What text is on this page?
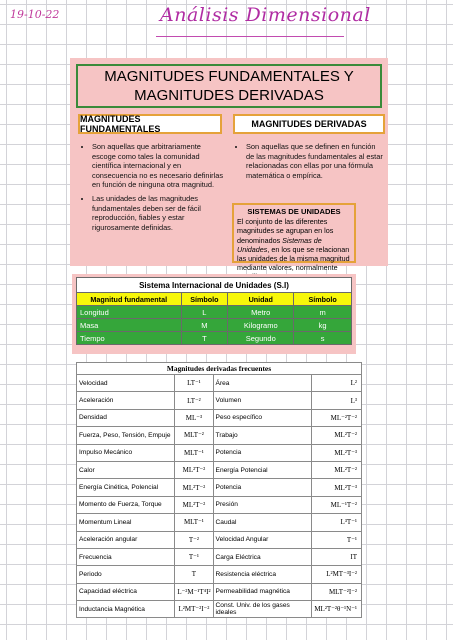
19-10-22	Análisis Dimensional
MAGNITUDES FUNDAMENTALES Y MAGNITUDES DERIVADAS
MAGNITUDES FUNDAMENTALES	MAGNITUDES DERIVADAS
• Son aquellas que arbitrariamente escoge como tales la comunidad científica internacional y en consecuencia no es necesario definirlas en función de ninguna otra magnitud.
• Las unidades de las magnitudes fundamentales deben ser de fácil reproducción, fiables y estar rigurosamente definidas.
• Son aquellas que se definen en función de las magnitudes fundamentales al estar relacionadas con ellas por una fórmula matemática o empírica.
SISTEMAS DE UNIDADES
El conjunto de las diferentes magnitudes se agrupan en los denominados Sistemas de Unidades, en los que se relacionan las unidades de la misma magnitud mediante valores, normalmente
Sistema Internacional de Unidades (S.I)			
Magnitud fundamental	Símbolo	Unidad	Símbolo
Longitud	L	Metro	m
Masa	M	Kilogramo	kg
Tiempo	T	Segundo	s
Magnitudes derivadas frecuentes			
Velocidad	LT⁻¹	Área	L²
Aceleración	LT⁻²	Volumen	L³
Densidad	ML⁻³	Peso específico	ML⁻²T⁻²
Fuerza, Peso, Tensión, Empuje	MLT⁻²	Trabajo	ML²T⁻²
Impulso Mecánico	MLT⁻¹	Potencia	ML²T⁻³
Calor	ML²T⁻²	Energía Potencial	ML²T⁻²
Energía Cinética, Polencial	ML²T⁻²	Potencia	ML²T⁻³
Momento de Fuerza, Torque	ML²T⁻²	Presión	ML⁻¹T⁻²
Momentum Lineal	MLT⁻¹	Caudal	L³T⁻¹
Aceleración angular	T⁻²	Velocidad Angular	T⁻¹
Frecuencia	T⁻¹	Carga Eléctrica	IT
Periodo	T	Resistencia eléctrica	L²MT⁻³I⁻²
Capacidad eléctrica	L⁻²M⁻¹T⁴I²	Permeabilidad magnética	MLT⁻²I⁻²
Inductancia Magnética	L²MT⁻²I⁻²	Const. Univ. de los gases ideales	ML²T⁻²θ⁻¹N⁻¹
